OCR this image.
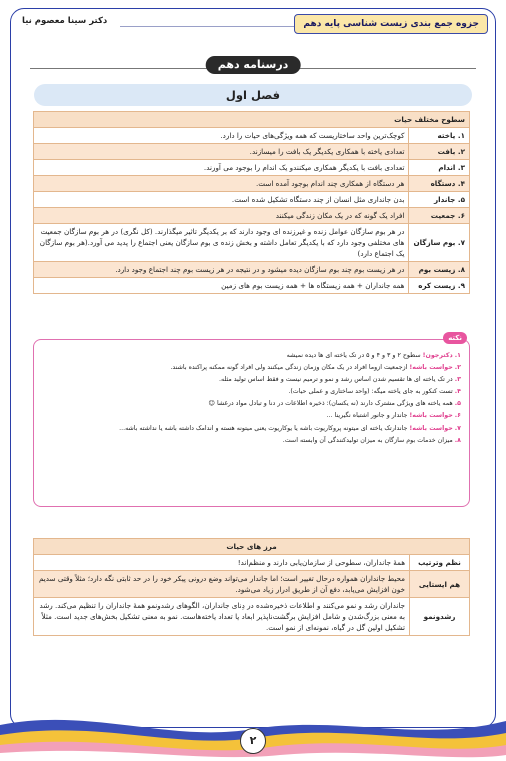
جزوه جمع بندی زیست شناسی پایه دهم
دکتر سینا معصوم نیا
درسنامه دهم
فصل اول
سطوح مختلف حیات	
۱. یاخته	کوچک‌ترین واحد ساختاریست که همه ویژگی‌های حیات را دارد.
۲. بافت	تعدادی یاخته با همکاری یکدیگر یک بافت را میسازند.
۳. اندام	تعدادی بافت با یکدیگر همکاری میکنندو یک اندام را بوجود می آورند.
۴. دستگاه	هر دستگاه از همکاری چند اندام بوجود آمده است.
۵. جاندار	بدن جانداری مثل انسان از چند دستگاه تشکیل شده است.
۶. جمعیت	افراد یک گونه که در یک مکان زندگی میکنند
۷. بوم سازگان	در هر بوم سازگان عوامل زنده و غیرزنده ای وجود دارند که بر یکدیگر تاثیر میگذارند. (کل نگری) در هر بوم سازگان جمعیت های مختلفی وجود دارد که با یکدیگر تعامل داشته و بخش زنده ی بوم سازگان یعنی اجتماع را پدید می آورد.(هر بوم سازگان یک اجتماع دارد)
۸. زیست بوم	در هر زیست بوم چند بوم سازگان دیده میشود و در نتیجه در هر زیست بوم چند اجتماع وجود دارد.
۹. زیست کره	همه جانداران + همه زیستگاه ها + همه زیست بوم های زمین
نکته
۱. دکترجون! سطوح ۲ و ۳ و ۴ و ۵ در تک یاخته ای ها دیده نمیشه
۲. حواست باشه! ازجمعیت ازوما افراد در یک مکان وزمان زندگی میکنند ولی افراد گونه ممکنه پراکنده باشند.
۳. در تک یاخته ای ها تقسیم شدن اساس رشد و نمو و ترمیم نیست و فقط اساس تولید مثله.
۴. تست کنکور به جای یاخته میگه: (واحد ساختاری و عملی حیات).
۵. همه یاخته های ویژگی مشترک دارند (نه یکسان): ذخیره اطلاعات در دنا و تبادل مواد درغشا ☺
۶. حواست باشه! جاندار و جانور اشتباه نگیرینا ...
۷. حواست باشه! جاندارتک یاخته ای میتونه پروکاریوت باشه یا یوکاریوت یعنی میتونه هسته و اندامک داشته باشه یا نداشته باشه...
۸. میزان خدمات بوم سازگان به میزان تولیدکنندگی آن وابسته است.
مرز های حیات	
نظم وترتیب	همهٔ جانداران، سطوحی از سازمان‌یابی دارند و منظم‌اند!
هم ایستایی	محیط جانداران همواره درحال تغییر است؛ اما جاندار می‌تواند وضع درونی پیکر خود را در حد ثابتی نگه دارد؛ مثلاً وقتی سدیم خون افزایش می‌یابد، دفع آن از طریق ادرار زیاد می‌شود.
رشدونمو	جانداران رشد و نمو می‌کنند و اطلاعات ذخیره‌شده در دِنای جانداران، الگوهای رشدونمو همهٔ جانداران را تنظیم می‌کند. رشد به معنی بزرگ‌شدن و شامل افزایش برگشت‌ناپذیر ابعاد یا تعداد یاخته‌هاست. نمو به معنی تشکیل بخش‌های جدید است. مثلاً تشکیل اولین گل در گیاه، نمونه‌ای از نمو است.
۲
